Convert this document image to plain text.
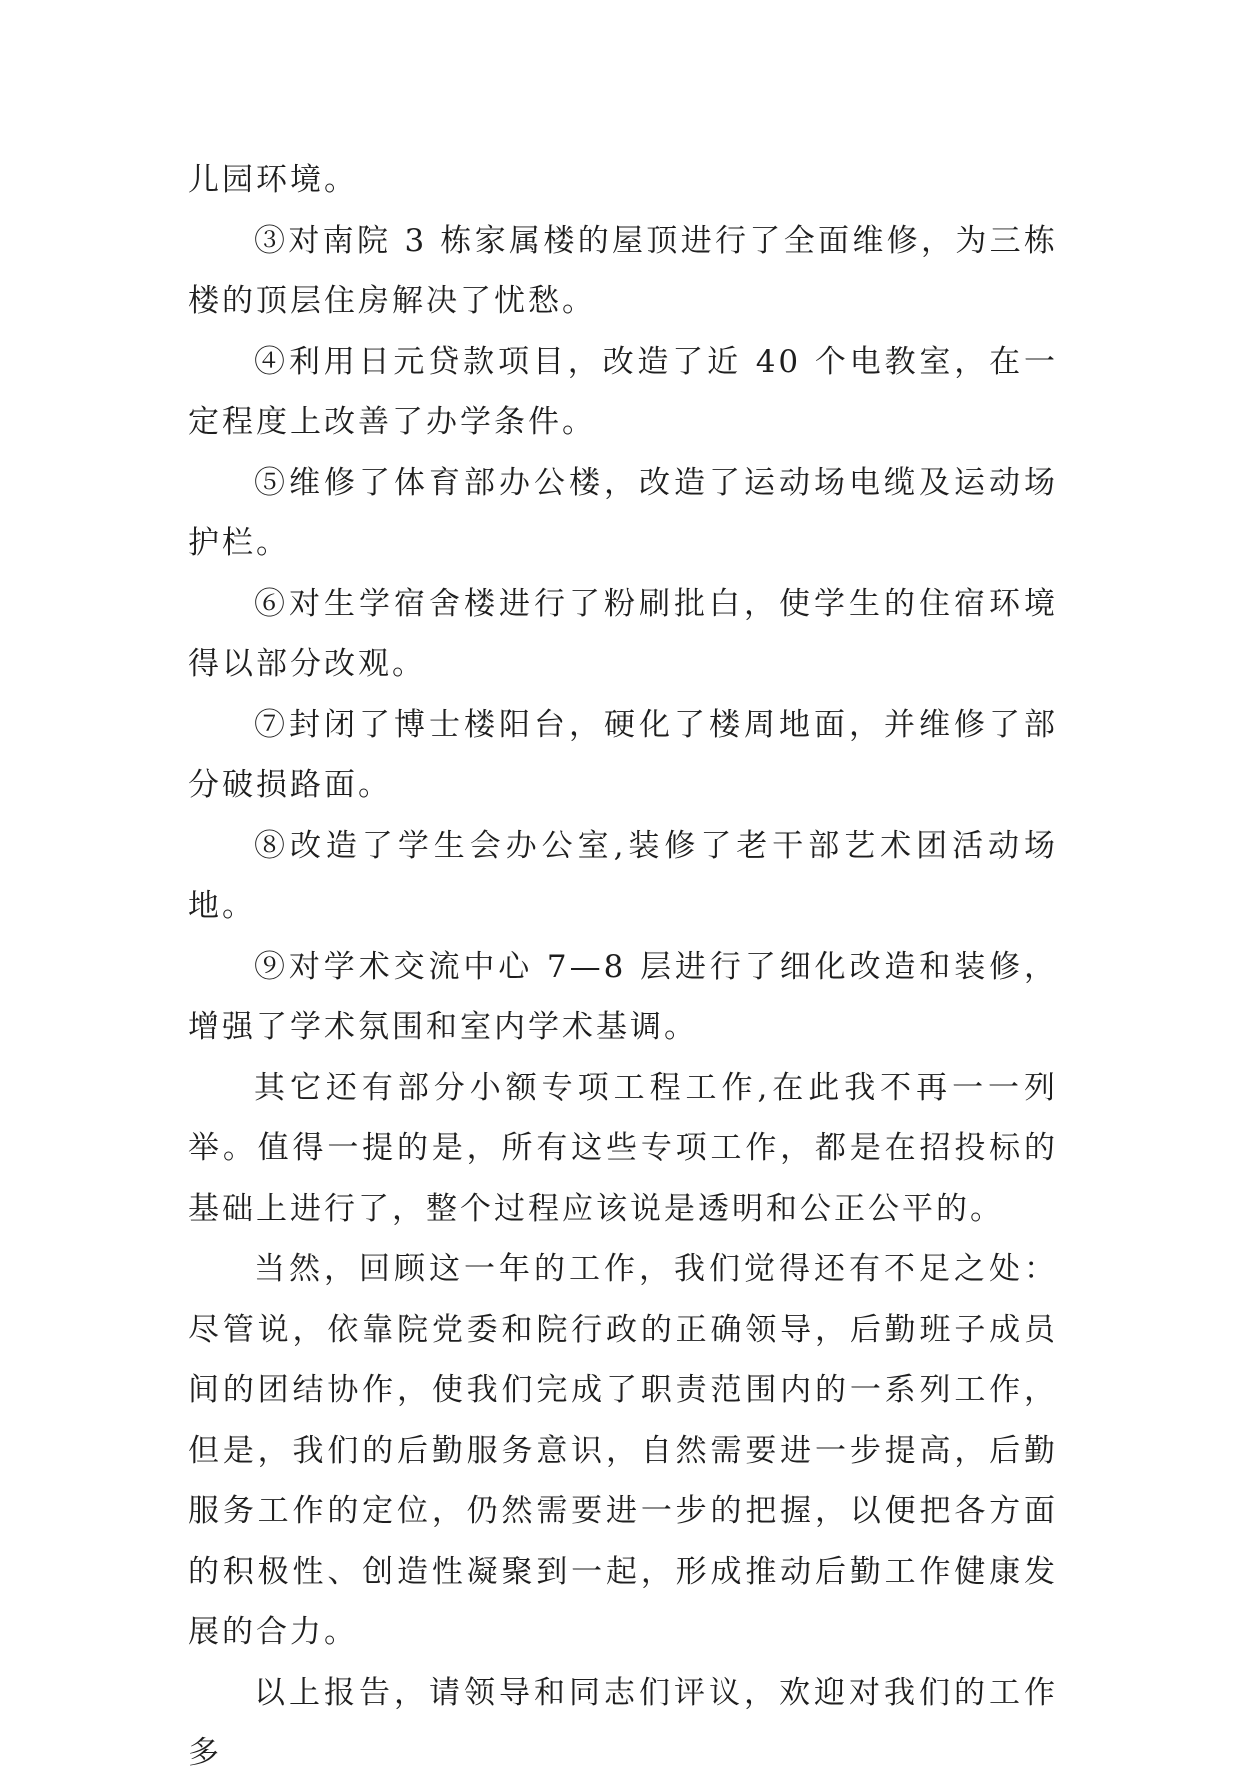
儿园环境。

③对南院 3 栋家属楼的屋顶进行了全面维修，为三栋楼的顶层住房解决了忧愁。

④利用日元贷款项目，改造了近 40 个电教室，在一定程度上改善了办学条件。

⑤维修了体育部办公楼，改造了运动场电缆及运动场护栏。

⑥对生学宿舍楼进行了粉刷批白，使学生的住宿环境得以部分改观。

⑦封闭了博士楼阳台，硬化了楼周地面，并维修了部分破损路面。

⑧改造了学生会办公室,装修了老干部艺术团活动场地。

⑨对学术交流中心 7—8 层进行了细化改造和装修，增强了学术氛围和室内学术基调。

其它还有部分小额专项工程工作,在此我不再一一列举。值得一提的是，所有这些专项工作，都是在招投标的基础上进行了，整个过程应该说是透明和公正公平的。

当然，回顾这一年的工作，我们觉得还有不足之处：尽管说，依靠院党委和院行政的正确领导，后勤班子成员间的团结协作，使我们完成了职责范围内的一系列工作，但是，我们的后勤服务意识，自然需要进一步提高，后勤服务工作的定位，仍然需要进一步的把握，以便把各方面的积极性、创造性凝聚到一起，形成推动后勤工作健康发展的合力。

以上报告，请领导和同志们评议，欢迎对我们的工作多
